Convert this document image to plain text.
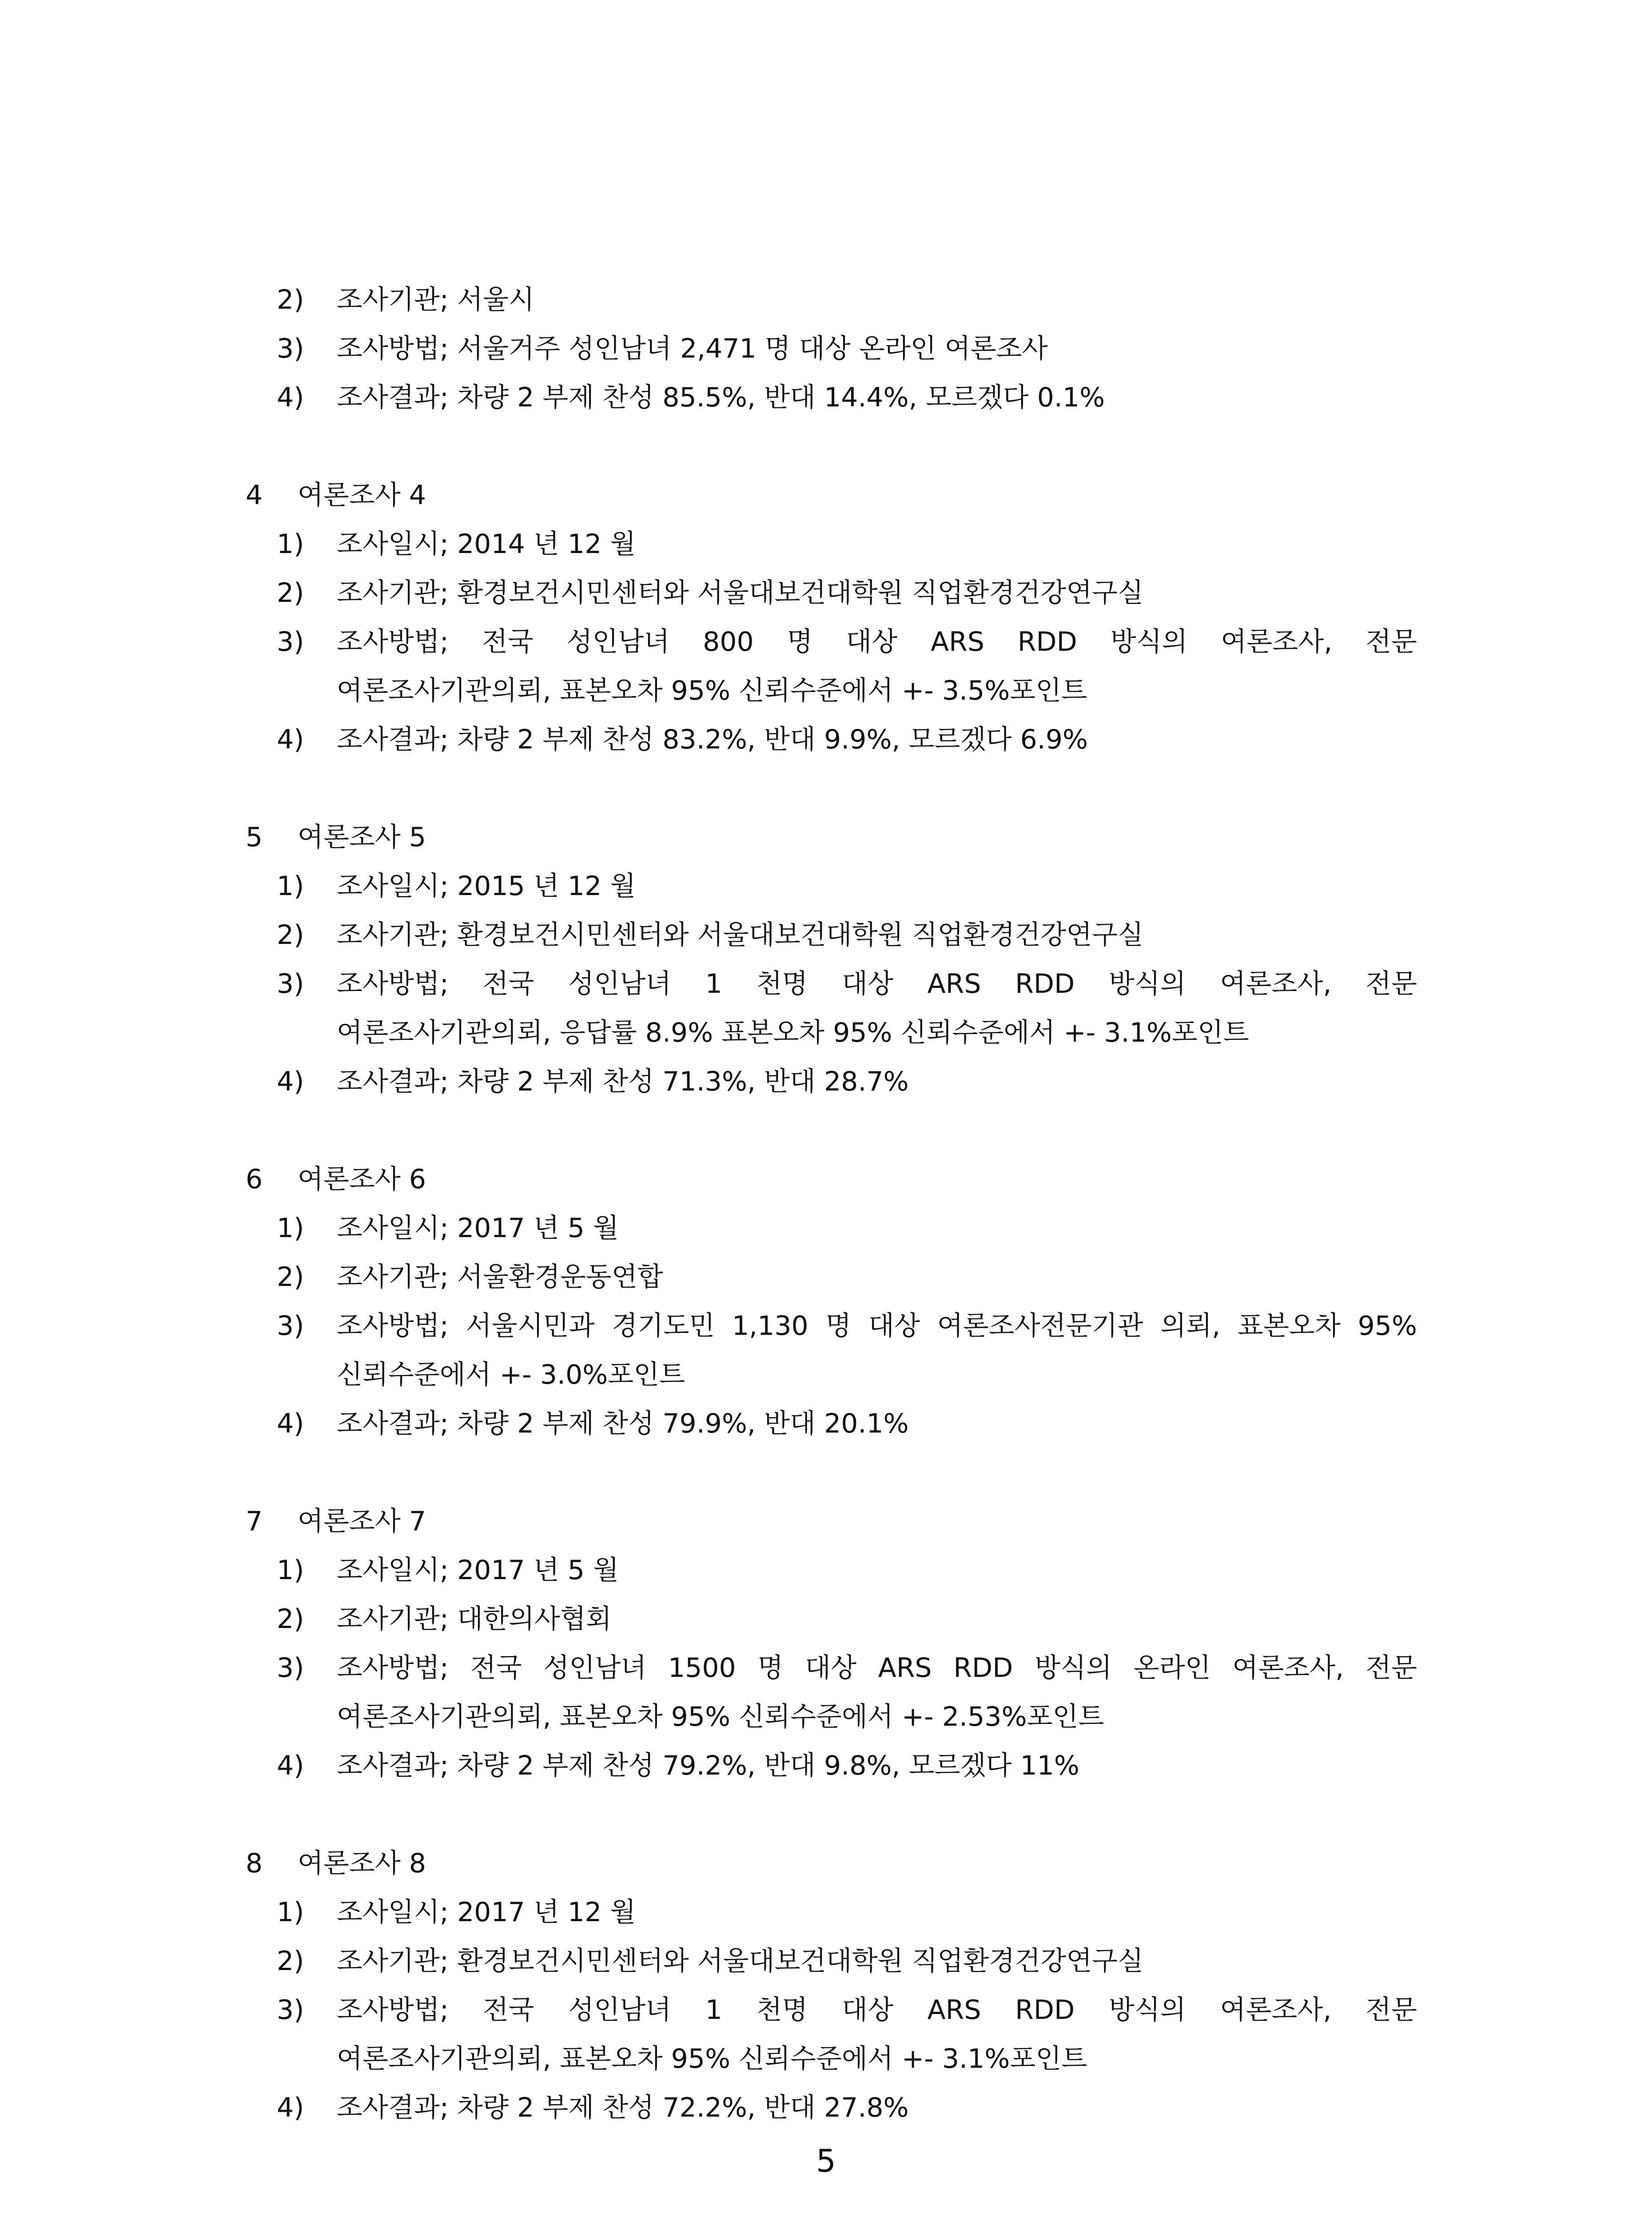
2) 조사기관; 서울시
3) 조사방법; 서울거주 성인남녀 2,471 명 대상 온라인 여론조사
4) 조사결과; 차량 2 부제 찬성 85.5%, 반대 14.4%, 모르겠다 0.1%
4 여론조사 4
1) 조사일시; 2014 년 12 월
2) 조사기관; 환경보건시민센터와 서울대보건대학원 직업환경건강연구실
3) 조사방법; 전국 성인남녀 800 명 대상 ARS RDD 방식의 여론조사, 전문
여론조사기관의뢰, 표본오차 95% 신뢰수준에서 +- 3.5%포인트
4) 조사결과; 차량 2 부제 찬성 83.2%, 반대 9.9%, 모르겠다 6.9%
5 여론조사 5
1) 조사일시; 2015 년 12 월
2) 조사기관; 환경보건시민센터와 서울대보건대학원 직업환경건강연구실
3) 조사방법; 전국 성인남녀 1 천명 대상 ARS RDD 방식의 여론조사, 전문
여론조사기관의뢰, 응답률 8.9% 표본오차 95% 신뢰수준에서 +- 3.1%포인트
4) 조사결과; 차량 2 부제 찬성 71.3%, 반대 28.7%
6 여론조사 6
1) 조사일시; 2017 년 5 월
2) 조사기관; 서울환경운동연합
3) 조사방법; 서울시민과 경기도민 1,130 명 대상 여론조사전문기관 의뢰, 표본오차 95%
신뢰수준에서 +- 3.0%포인트
4) 조사결과; 차량 2 부제 찬성 79.9%, 반대 20.1%
7 여론조사 7
1) 조사일시; 2017 년 5 월
2) 조사기관; 대한의사협회
3) 조사방법; 전국 성인남녀 1500 명 대상 ARS RDD 방식의 온라인 여론조사, 전문
여론조사기관의뢰, 표본오차 95% 신뢰수준에서 +- 2.53%포인트
4) 조사결과; 차량 2 부제 찬성 79.2%, 반대 9.8%, 모르겠다 11%
8 여론조사 8
1) 조사일시; 2017 년 12 월
2) 조사기관; 환경보건시민센터와 서울대보건대학원 직업환경건강연구실
3) 조사방법; 전국 성인남녀 1 천명 대상 ARS RDD 방식의 여론조사, 전문
여론조사기관의뢰, 표본오차 95% 신뢰수준에서 +- 3.1%포인트
4) 조사결과; 차량 2 부제 찬성 72.2%, 반대 27.8%
5
